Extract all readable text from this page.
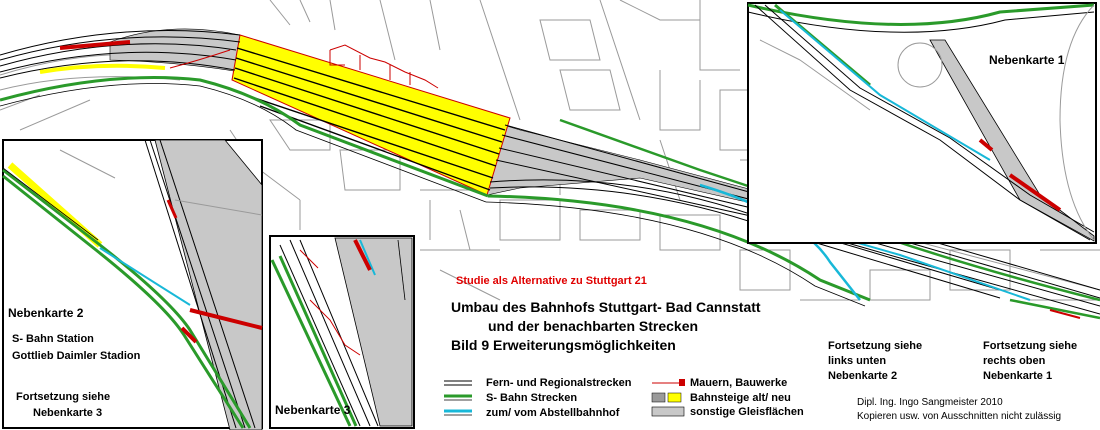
Studie als Alternative zu Stuttgart 21
Umbau des Bahnhofs Stuttgart- Bad Cannstatt
und der benachbarten Strecken
Bild 9 Erweiterungsmöglichkeiten
Nebenkarte 1
Nebenkarte 2
Nebenkarte 3
S- Bahn Station
Gottlieb Daimler Stadion
Fortsetzung siehe
Nebenkarte 3
Fortsetzung siehe
links unten
Nebenkarte 2
Fortsetzung siehe
rechts oben
Nebenkarte 1
Fern- und Regionalstrecken
S- Bahn Strecken
zum/ vom Abstellbahnhof
Mauern, Bauwerke
Bahnsteige alt/ neu
sonstige Gleisflächen
Dipl. Ing. Ingo Sangmeister 2010
Kopieren usw. von Ausschnitten nicht zulässig
